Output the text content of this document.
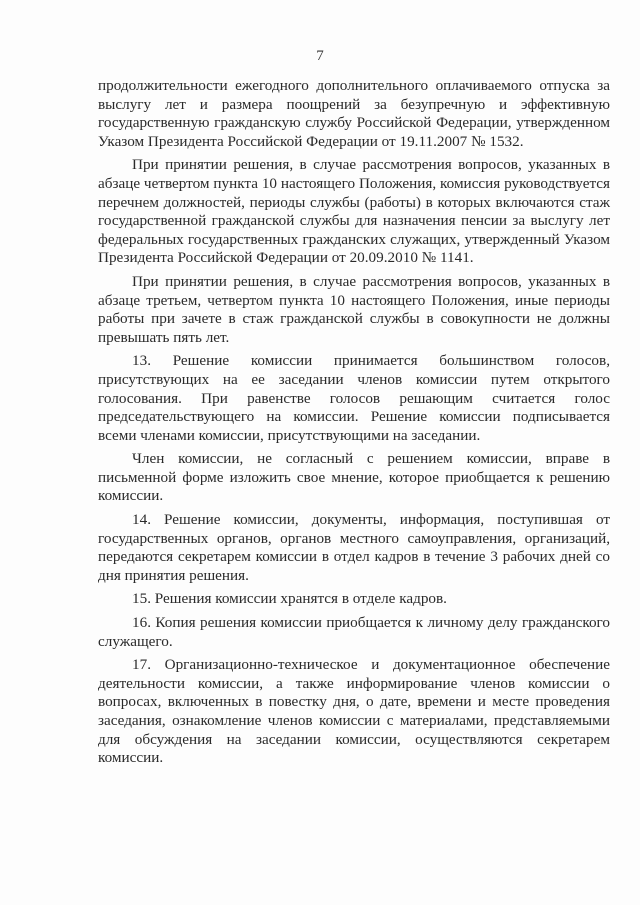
7

продолжительности ежегодного дополнительного оплачиваемого отпуска за выслугу лет и размера поощрений за безупречную и эффективную государственную гражданскую службу Российской Федерации, утвержденном Указом Президента Российской Федерации от 19.11.2007 № 1532.

При принятии решения, в случае рассмотрения вопросов, указанных в абзаце четвертом пункта 10 настоящего Положения, комиссия руководствуется перечнем должностей, периоды службы (работы) в которых включаются стаж государственной гражданской службы для назначения пенсии за выслугу лет федеральных государственных гражданских служащих, утвержденный Указом Президента Российской Федерации от 20.09.2010 № 1141.

При принятии решения, в случае рассмотрения вопросов, указанных в абзаце третьем, четвертом пункта 10 настоящего Положения, иные периоды работы при зачете в стаж гражданской службы в совокупности не должны превышать пять лет.

13. Решение комиссии принимается большинством голосов, присутствующих на ее заседании членов комиссии путем открытого голосования. При равенстве голосов решающим считается голос председательствующего на комиссии. Решение комиссии подписывается всеми членами комиссии, присутствующими на заседании.

Член комиссии, не согласный с решением комиссии, вправе в письменной форме изложить свое мнение, которое приобщается к решению комиссии.

14. Решение комиссии, документы, информация, поступившая от государственных органов, органов местного самоуправления, организаций, передаются секретарем комиссии в отдел кадров в течение 3 рабочих дней со дня принятия решения.

15. Решения комиссии хранятся в отделе кадров.

16. Копия решения комиссии приобщается к личному делу гражданского служащего.

17. Организационно‑техническое и документационное обеспечение деятельности комиссии, а также информирование членов комиссии о вопросах, включенных в повестку дня, о дате, времени и месте проведения заседания, ознакомление членов комиссии с материалами, представляемыми для обсуждения на заседании комиссии, осуществляются секретарем комиссии.
